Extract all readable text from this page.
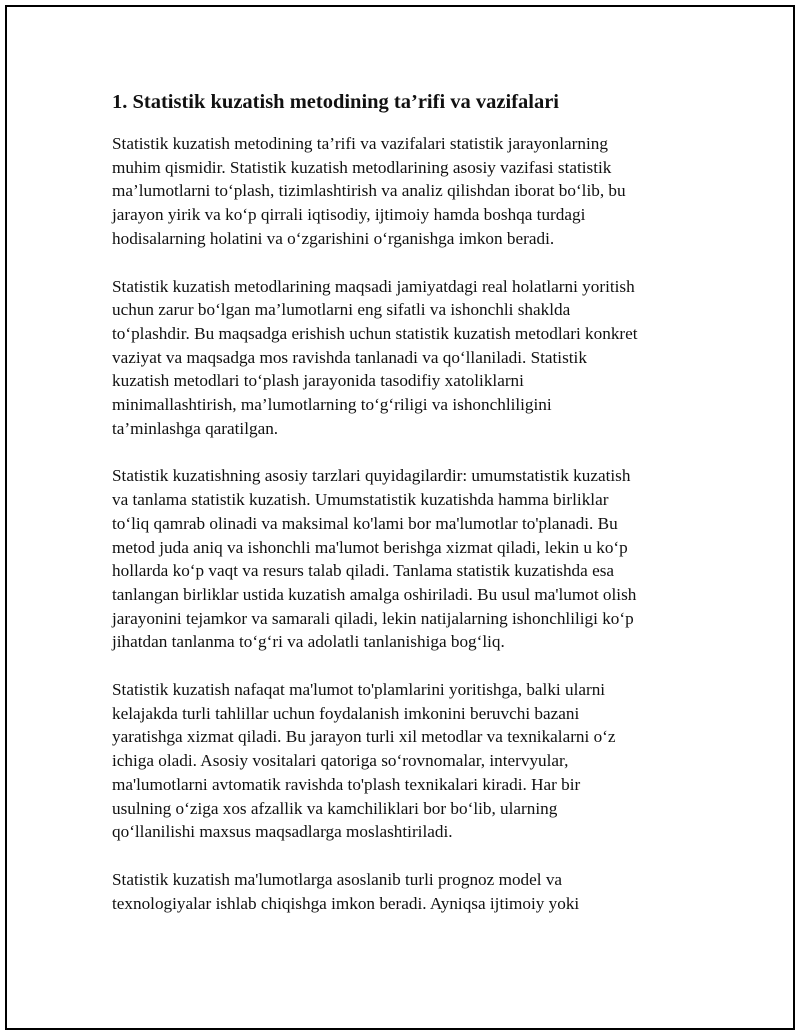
1. Statistik kuzatish metodining ta’rifi va vazifalari

Statistik kuzatish metodining ta’rifi va vazifalari statistik jarayonlarning
muhim qismidir. Statistik kuzatish metodlarining asosiy vazifasi statistik
ma’lumotlarni to‘plash, tizimlashtirish va analiz qilishdan iborat bo‘lib, bu
jarayon yirik va ko‘p qirrali iqtisodiy, ijtimoiy hamda boshqa turdagi
hodisalarning holatini va o‘zgarishini o‘rganishga imkon beradi.

Statistik kuzatish metodlarining maqsadi jamiyatdagi real holatlarni yoritish
uchun zarur bo‘lgan ma’lumotlarni eng sifatli va ishonchli shaklda
to‘plashdir. Bu maqsadga erishish uchun statistik kuzatish metodlari konkret
vaziyat va maqsadga mos ravishda tanlanadi va qo‘llaniladi. Statistik
kuzatish metodlari to‘plash jarayonida tasodifiy xatoliklarni
minimallashtirish, ma’lumotlarning to‘g‘riligi va ishonchliligini
ta’minlashga qaratilgan.

Statistik kuzatishning asosiy tarzlari quyidagilardir: umumstatistik kuzatish
va tanlama statistik kuzatish. Umumstatistik kuzatishda hamma birliklar
to‘liq qamrab olinadi va maksimal ko'lami bor ma'lumotlar to'planadi. Bu
metod juda aniq va ishonchli ma'lumot berishga xizmat qiladi, lekin u ko‘p
hollarda ko‘p vaqt va resurs talab qiladi. Tanlama statistik kuzatishda esa
tanlangan birliklar ustida kuzatish amalga oshiriladi. Bu usul ma'lumot olish
jarayonini tejamkor va samarali qiladi, lekin natijalarning ishonchliligi ko‘p
jihatdan tanlanma to‘g‘ri va adolatli tanlanishiga bog‘liq.

Statistik kuzatish nafaqat ma'lumot to'plamlarini yoritishga, balki ularni
kelajakda turli tahlillar uchun foydalanish imkonini beruvchi bazani
yaratishga xizmat qiladi. Bu jarayon turli xil metodlar va texnikalarni o‘z
ichiga oladi. Asosiy vositalari qatoriga so‘rovnomalar, intervyular,
ma'lumotlarni avtomatik ravishda to'plash texnikalari kiradi. Har bir
usulning o‘ziga xos afzallik va kamchiliklari bor bo‘lib, ularning
qo‘llanilishi maxsus maqsadlarga moslashtiriladi.

Statistik kuzatish ma'lumotlarga asoslanib turli prognoz model va
texnologiyalar ishlab chiqishga imkon beradi. Ayniqsa ijtimoiy yoki
